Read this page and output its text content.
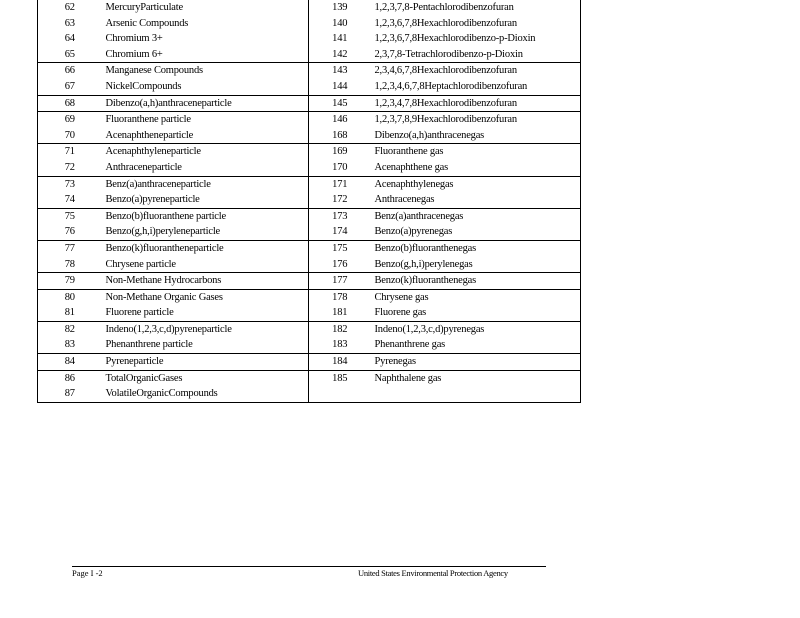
62	MercuryParticulate	139	1,2,3,7,8-Pentachlorodibenzofuran
63	Arsenic Compounds	140	1,2,3,6,7,8Hexachlorodibenzofuran
64	Chromium 3+	141	1,2,3,6,7,8Hexachlorodibenzo-p-Dioxin
65	Chromium 6+	142	2,3,7,8-Tetrachlorodibenzo-p-Dioxin
66	Manganese Compounds	143	2,3,4,6,7,8Hexachlorodibenzofuran
67	NickelCompounds	144	1,2,3,4,6,7,8Heptachlorodibenzofuran
68	Dibenzo(a,h)anthraceneparticle	145	1,2,3,4,7,8Hexachlorodibenzofuran
69	Fluoranthene particle	146	1,2,3,7,8,9Hexachlorodibenzofuran
70	Acenaphtheneparticle	168	Dibenzo(a,h)anthracenegas
71	Acenaphthyleneparticle	169	Fluoranthene gas
72	Anthraceneparticle	170	Acenaphthene gas
73	Benz(a)anthraceneparticle	171	Acenaphthylenegas
74	Benzo(a)pyreneparticle	172	Anthracenegas
75	Benzo(b)fluoranthene particle	173	Benz(a)anthracenegas
76	Benzo(g,h,i)peryleneparticle	174	Benzo(a)pyrenegas
77	Benzo(k)fluorantheneparticle	175	Benzo(b)fluoranthenegas
78	Chrysene particle	176	Benzo(g,h,i)perylenegas
79	Non-Methane Hydrocarbons	177	Benzo(k)fluoranthenegas
80	Non-Methane Organic Gases	178	Chrysene gas
81	Fluorene particle	181	Fluorene gas
82	Indeno(1,2,3,c,d)pyreneparticle	182	Indeno(1,2,3,c,d)pyrenegas
83	Phenanthrene particle	183	Phenanthrene gas
84	Pyreneparticle	184	Pyrenegas
86	TotalOrganicGases	185	Naphthalene gas
87	VolatileOrganicCompounds		
Page I -2	United States Environmental Protection Agency
